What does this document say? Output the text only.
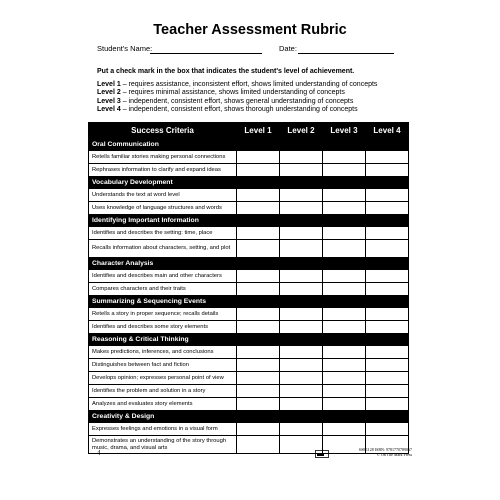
Teacher Assessment Rubric
Student's Name:	Date:
Put a check mark in the box that indicates the student's level of achievement.
Level 1 – requires assistance, inconsistent effort, shows limited understanding of concepts
Level 2 – requires minimal assistance, shows limited understanding of concepts
Level 3 – independent, consistent effort, shows general understanding of concepts
Level 4 – independent, consistent effort, shows thorough understanding of concepts
Success Criteria	Level 1	Level 2	Level 3	Level 4
Oral Communication				
Retells familiar stories making personal connections				
Rephrases information to clarify and expand ideas				
Vocabulary Development				
Understands the text at word level				
Uses knowledge of language structures and words				
Identifying Important Information				
Identifies and describes the setting: time, place				
Recalls information about characters, setting, and plot				
Character Analysis				
Identifies and describes main and other characters				
Compares characters and their traits				
Summarizing & Sequencing Events				
Retells a story in proper sequence; recalls details				
Identifies and describes some story elements				
Reasoning & Critical Thinking				
Makes predictions, inferences, and conclusions				
Distinguishes between fact and fiction				
Develops opinion; expresses personal point of view				
Identifies the problem and solution in a story				
Analyzes and evaluates story elements				
Creativity & Design				
Expresses feelings and emotions in a visual form				
Demonstrates an understanding of the story through music, drama, and visual arts				
4	SSR1128 ISBN: 9781770789067
© On The Mark Press
